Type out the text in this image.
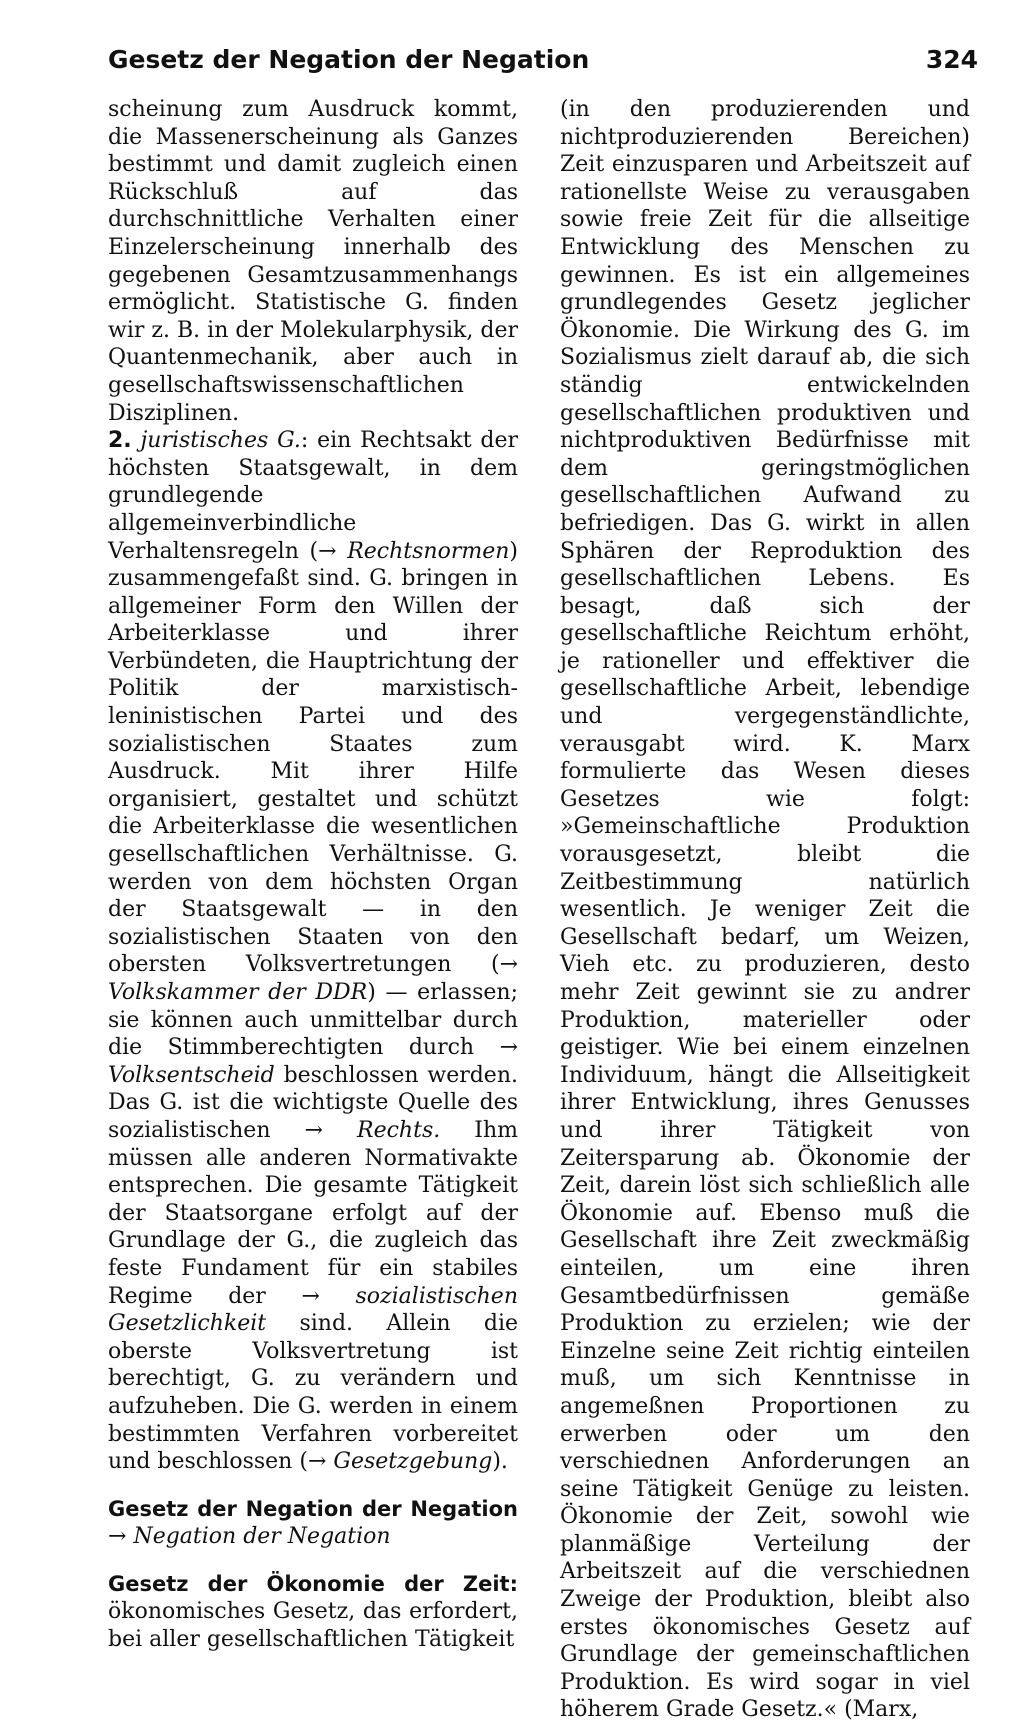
Gesetz der Negation der Negation	324

scheinung zum Ausdruck kommt, die Massenerscheinung als Ganzes bestimmt und damit zugleich einen Rückschluß auf das durchschnittliche Verhalten einer Einzelerscheinung innerhalb des gegebenen Gesamtzusammenhangs ermöglicht. Statistische G. finden wir z. B. in der Molekularphysik, der Quantenmechanik, aber auch in gesellschaftswissenschaftlichen Disziplinen.

2. juristisches G.: ein Rechtsakt der höchsten Staatsgewalt, in dem grundlegende allgemeinverbindliche Verhaltensregeln (→ Rechtsnormen) zusammengefaßt sind. G. bringen in allgemeiner Form den Willen der Arbeiterklasse und ihrer Verbündeten, die Hauptrichtung der Politik der marxistisch-leninistischen Partei und des sozialistischen Staates zum Ausdruck. Mit ihrer Hilfe organisiert, gestaltet und schützt die Arbeiterklasse die wesentlichen gesellschaftlichen Verhältnisse. G. werden von dem höchsten Organ der Staatsgewalt — in den sozialistischen Staaten von den obersten Volksvertretungen (→ Volkskammer der DDR) — erlassen; sie können auch unmittelbar durch die Stimmberechtigten durch → Volksentscheid beschlossen werden. Das G. ist die wichtigste Quelle des sozialistischen → Rechts. Ihm müssen alle anderen Normativakte entsprechen. Die gesamte Tätigkeit der Staatsorgane erfolgt auf der Grundlage der G., die zugleich das feste Fundament für ein stabiles Regime der → sozialistischen Gesetzlichkeit sind. Allein die oberste Volksvertretung ist berechtigt, G. zu verändern und aufzuheben. Die G. werden in einem bestimmten Verfahren vorbereitet und beschlossen (→ Gesetzgebung).

Gesetz der Negation der Negation → Negation der Negation

Gesetz der Ökonomie der Zeit: ökonomisches Gesetz, das erfordert, bei aller gesellschaftlichen Tätigkeit

(in den produzierenden und nichtproduzierenden Bereichen) Zeit einzusparen und Arbeitszeit auf rationellste Weise zu verausgaben sowie freie Zeit für die allseitige Entwicklung des Menschen zu gewinnen. Es ist ein allgemeines grundlegendes Gesetz jeglicher Ökonomie. Die Wirkung des G. im Sozialismus zielt darauf ab, die sich ständig entwickelnden gesellschaftlichen produktiven und nichtproduktiven Bedürfnisse mit dem geringstmöglichen gesellschaftlichen Aufwand zu befriedigen. Das G. wirkt in allen Sphären der Reproduktion des gesellschaftlichen Lebens. Es besagt, daß sich der gesellschaftliche Reichtum erhöht, je rationeller und effektiver die gesellschaftliche Arbeit, lebendige und vergegenständlichte, verausgabt wird. K. Marx formulierte das Wesen dieses Gesetzes wie folgt: »Gemeinschaftliche Produktion vorausgesetzt, bleibt die Zeitbestimmung natürlich wesentlich. Je weniger Zeit die Gesellschaft bedarf, um Weizen, Vieh etc. zu produzieren, desto mehr Zeit gewinnt sie zu andrer Produktion, materieller oder geistiger. Wie bei einem einzelnen Individuum, hängt die Allseitigkeit ihrer Entwicklung, ihres Genusses und ihrer Tätigkeit von Zeitersparung ab. Ökonomie der Zeit, darein löst sich schließlich alle Ökonomie auf. Ebenso muß die Gesellschaft ihre Zeit zweckmäßig einteilen, um eine ihren Gesamtbedürfnissen gemäße Produktion zu erzielen; wie der Einzelne seine Zeit richtig einteilen muß, um sich Kenntnisse in angemeßnen Proportionen zu erwerben oder um den verschiednen Anforderungen an seine Tätigkeit Genüge zu leisten. Ökonomie der Zeit, sowohl wie planmäßige Verteilung der Arbeitszeit auf die verschiednen Zweige der Produktion, bleibt also erstes ökonomisches Gesetz auf Grundlage der gemeinschaftlichen Produktion. Es wird sogar in viel höherem Grade Gesetz.« (Marx,
